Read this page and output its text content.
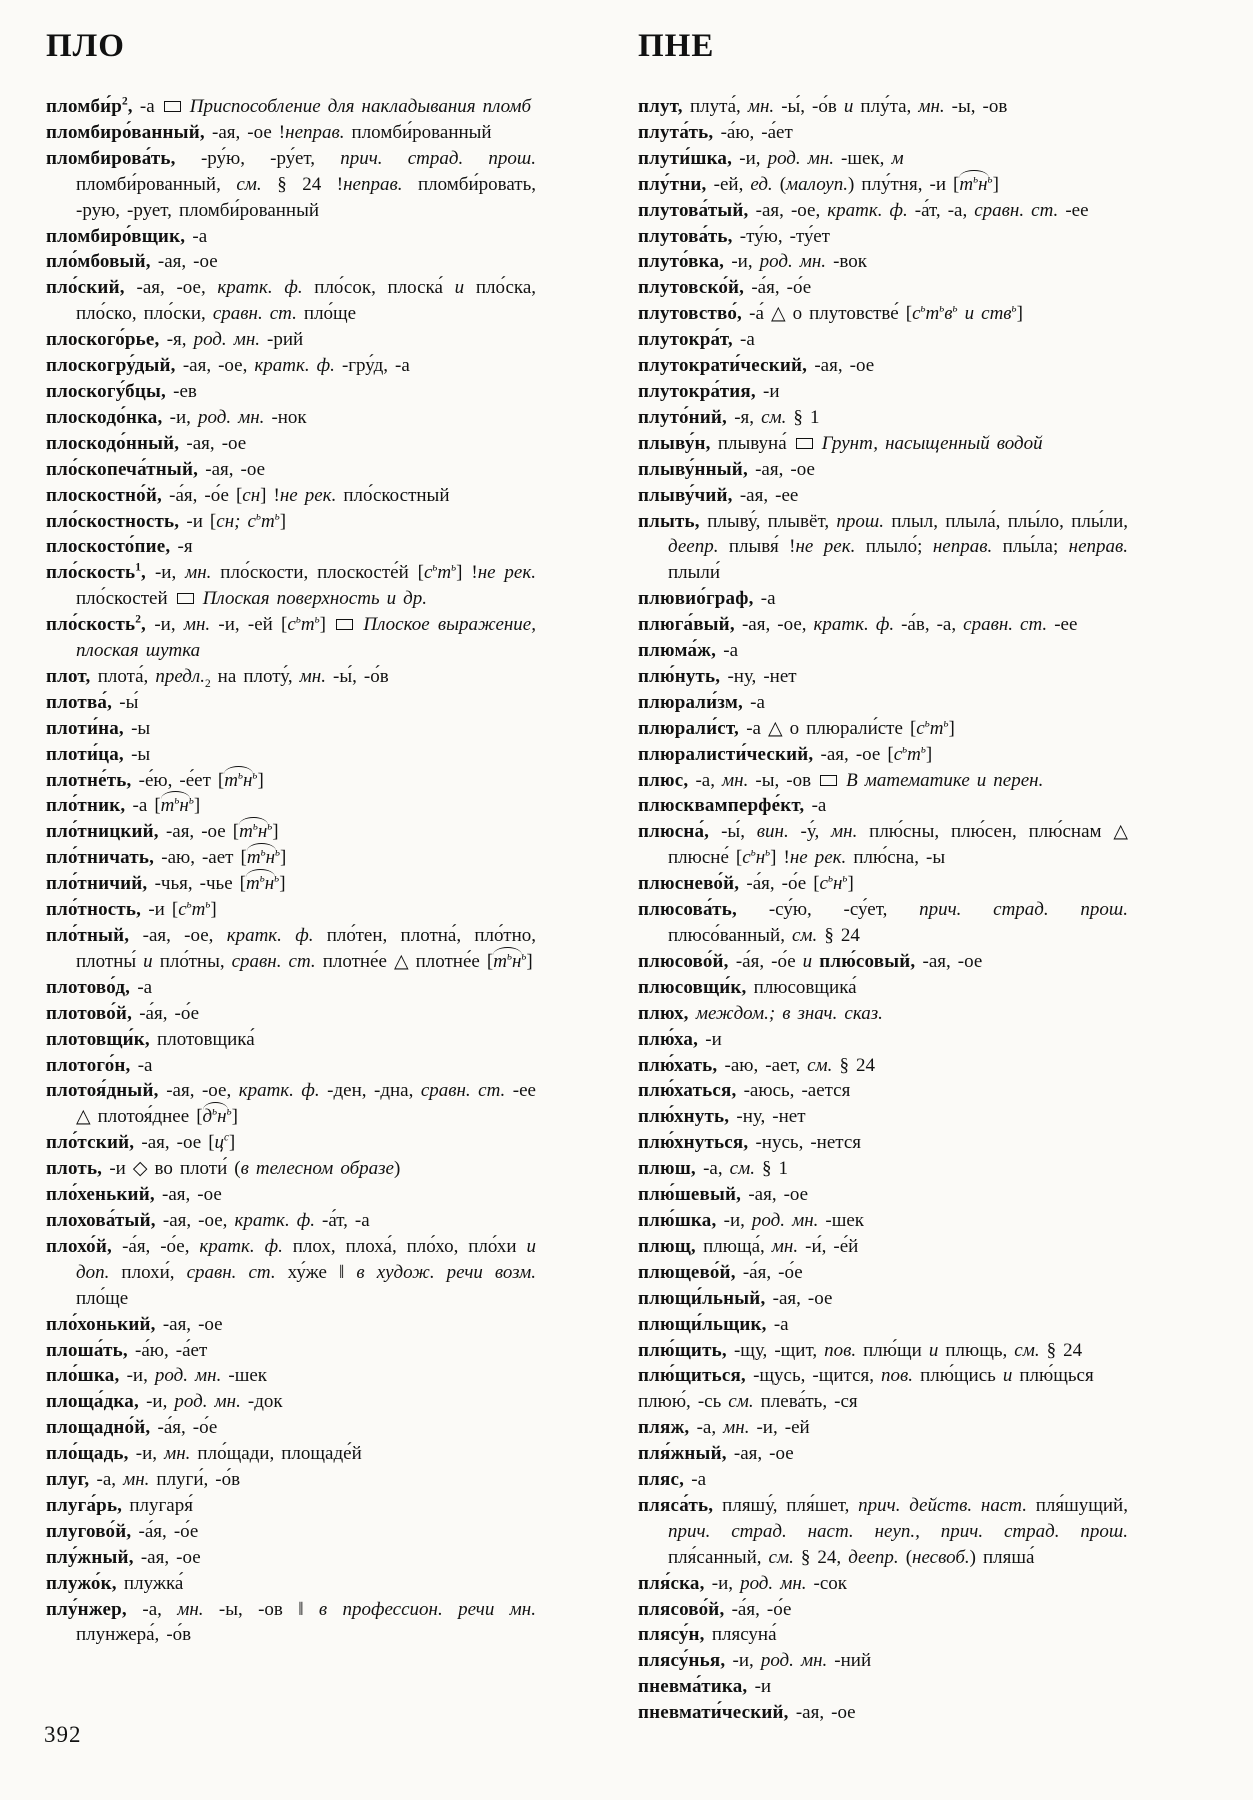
ПЛО

$пломби́р^2$, -а  Приспособление для накладывания пломб

пломбиро́ванный, -ая, -ое !неправ. пломби́рованный

пломбирова́ть, -ру́ю, -ру́ет, прич. страд. прош. пломби́рованный, см. § 24 !неправ. пломби́ровать, -рую, -рует, пломби́рованный

пломбиро́вщик, -а

пло́мбовый, -ая, -ое

пло́ский, -ая, -ое, кратк. ф. пло́сок, плоска́ и пло́ска, пло́ско, пло́ски, сравн. ст. пло́ще

плоского́рье, -я, род. мн. -рий

плоскогру́дый, -ая, -ое, кратк. ф. -гру́д, -а

плоскогу́бцы, -ев

плоскодо́нка, -и, род. мн. -нок

плоскодо́нный, -ая, -ое

пло́скопеча́тный, -ая, -ое

плоскостно́й, -а́я, -о́е [сн] !не рек. пло́скостный

пло́скостность, -и [сн; $с^ьт^ь$]

плоскосто́пие, -я

пло́скость$^1$, -и, мн. пло́скости, плоскосте́й $[с^ьт^ь]$ !не рек. пло́скостей  Плоская поверхность и др.

пло́скость$^2$, -и, мн. -и, -ей $[с^ьт^ь]$  Плоское выражение, плоская шутка

плот, плота́, $предл._2$ на плоту́, мн. -ы́, -о́в

плотва́, -ы́

плоти́на, -ы

плоти́ца, -ы

плотне́ть, -е́ю, -е́ет $[т^ьн^ь]$

пло́тник, -а $[т^ьн^ь]$

пло́тницкий, -ая, -ое $[т^ьн^ь]$

пло́тничать, -аю, -ает $[т^ьн^ь]$

пло́тничий, -чья, -чье $[т^ьн^ь]$

пло́тность, -и $[с^ьт^ь]$

пло́тный, -ая, -ое, кратк. ф. пло́тен, плотна́, пло́тно, плотны́ и пло́тны, сравн. ст. плотне́е △ плотне́е $[т^ьн^ь]$

плотово́д, -а

плотово́й, -а́я, -о́е

плотовщи́к, плотовщика́

плотого́н, -а

плотоя́дный, -ая, -ое, кратк. ф. -ден, -дна, сравн. ст. -ее △ плотоя́днее $[д^ьн^ь]$

пло́тский, -ая, -ое $[ц^с]$

плоть, -и ◇ во плоти́ (в телесном образе)

пло́хенький, -ая, -ое

плохова́тый, -ая, -ое, кратк. ф. -а́т, -а

плохо́й, -а́я, -о́е, кратк. ф. плох, плоха́, пло́хо, пло́хи и доп. плохи́, сравн. ст. ху́же ‖ в худож. речи возм. пло́ще

пло́хонький, -ая, -ое

плоша́ть, -а́ю, -а́ет

пло́шка, -и, род. мн. -шек

площа́дка, -и, род. мн. -док

площадно́й, -а́я, -о́е

пло́щадь, -и, мн. пло́щади, площаде́й

плуг, -а, мн. плуги́, -о́в

плуга́рь, плугаря́

плугово́й, -а́я, -о́е

плу́жный, -ая, -ое

плужо́к, плужка́

плу́нжер, -а, мн. -ы, -ов ‖ в профессион. речи мн. плунжера́, -о́в

ПНЕ

плут, плута́, мн. -ы́, -о́в и плу́та, мн. -ы, -ов

плута́ть, -а́ю, -а́ет

плути́шка, -и, род. мн. -шек, м

плу́тни, -ей, ед. (малоуп.) плу́тня, -и $[т^ьн^ь]$

плутова́тый, -ая, -ое, кратк. ф. -а́т, -а, сравн. ст. -ее

плутова́ть, -ту́ю, -ту́ет

плуто́вка, -и, род. мн. -вок

плутовско́й, -а́я, -о́е

плутовство́, -а́ △ о плутовстве́ [$с^ьт^ьв^ь$ и ств$^ь$]

плутокра́т, -а

плутократи́ческий, -ая, -ое

плутокра́тия, -и

плуто́ний, -я, см. § 1

плыву́н, плывуна́  Грунт, насыщенный водой

плыву́нный, -ая, -ое

плыву́чий, -ая, -ее

плыть, плыву́, плывёт, прош. плыл, плыла́, плы́ло, плы́ли, деепр. плывя́ !не рек. плыло́; неправ. плы́ла; неправ. плыли́

плювио́граф, -а

плюга́вый, -ая, -ое, кратк. ф. -а́в, -а, сравн. ст. -ее

плюма́ж, -а

плю́нуть, -ну, -нет

плюрали́зм, -а

плюрали́ст, -а △ о плюрали́сте $[с^ьт^ь]$

плюралисти́ческий, -ая, -ое $[с^ьт^ь]$

плюс, -а, мн. -ы, -ов  В математике и перен.

плюсквамперфе́кт, -а

плюсна́, -ы́, вин. -у́, мн. плю́сны, плю́сен, плю́снам △ плюсне́ $[с^ьн^ь]$ !не рек. плю́сна, -ы

плюснево́й, -а́я, -о́е $[с^ьн^ь]$

плюсова́ть, -су́ю, -су́ет, прич. страд. прош. плюсо́ванный, см. § 24

плюсово́й, -а́я, -о́е и плю́совый, -ая, -ое

плюсовщи́к, плюсовщика́

плюх, междом.; в знач. сказ.

плю́ха, -и

плю́хать, -аю, -ает, см. § 24

плю́хаться, -аюсь, -ается

плю́хнуть, -ну, -нет

плю́хнуться, -нусь, -нется

плюш, -а, см. § 1

плю́шевый, -ая, -ое

плю́шка, -и, род. мн. -шек

плющ, плюща́, мн. -и́, -е́й

плющево́й, -а́я, -о́е

плющи́льный, -ая, -ое

плющи́льщик, -а

плю́щить, -щу, -щит, пов. плю́щи и плющь, см. § 24

плю́щиться, -щусь, -щится, пов. плю́щись и плю́щься

плюю́, -сь см. плева́ть, -ся

пляж, -а, мн. -и, -ей

пля́жный, -ая, -ое

пляс, -а

пляса́ть, пляшу́, пля́шет, прич. действ. наст. пля́шущий, прич. страд. наст. неуп., прич. страд. прош. пля́санный, см. § 24, деепр. (несвоб.) пляша́

пля́ска, -и, род. мн. -сок

плясово́й, -а́я, -о́е

плясу́н, плясуна́

плясу́нья, -и, род. мн. -ний

пневма́тика, -и

пневмати́ческий, -ая, -ое

392
